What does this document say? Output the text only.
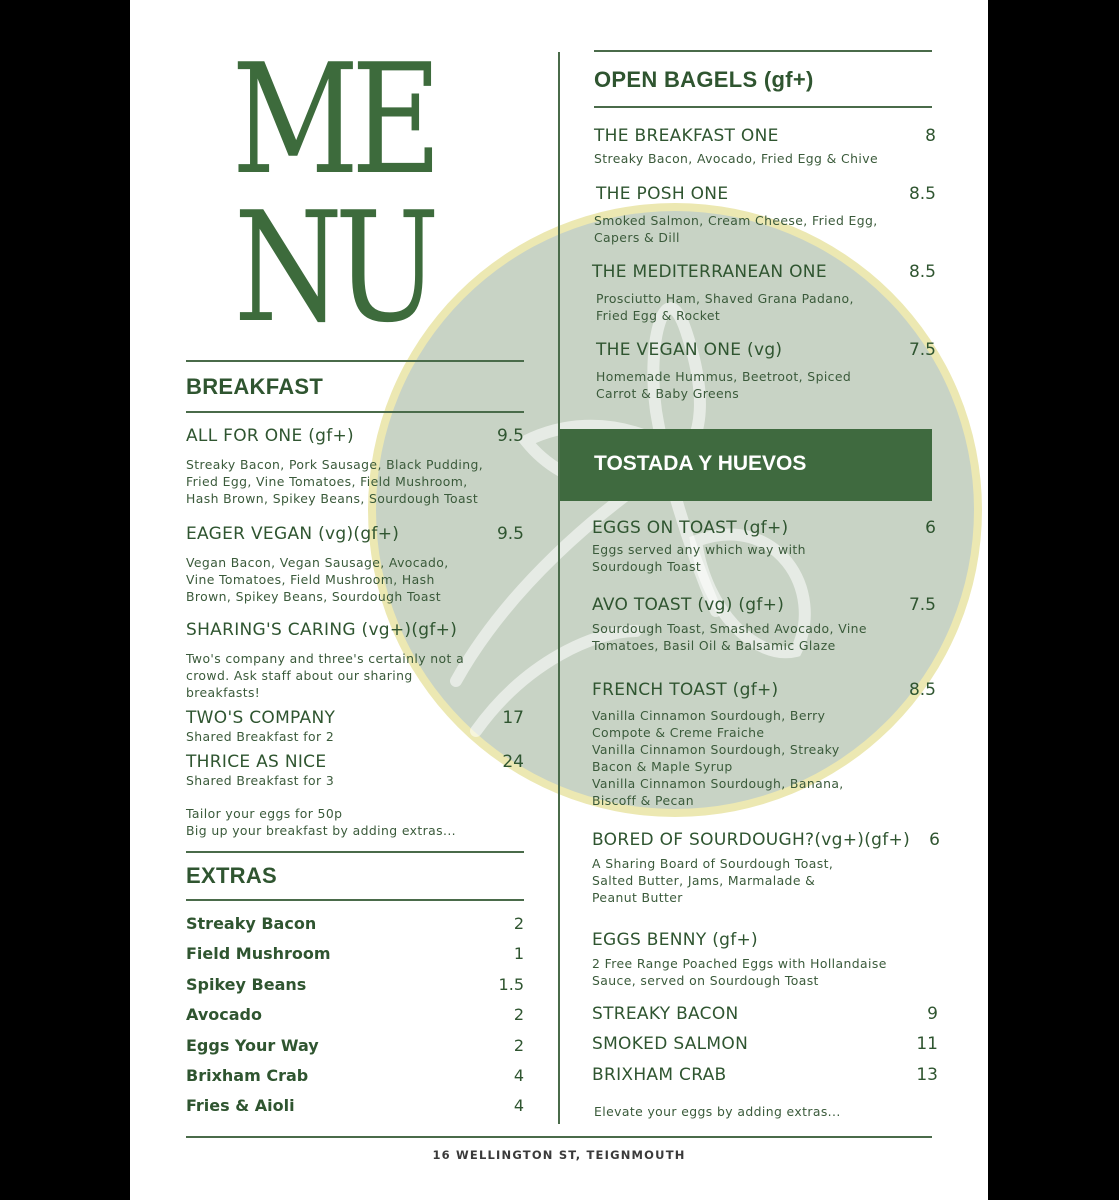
ME
NU
BREAKFAST
ALL FOR ONE (gf+)	9.5
Streaky Bacon, Pork Sausage, Black Pudding,
Fried Egg, Vine Tomatoes, Field Mushroom,
Hash Brown, Spikey Beans, Sourdough Toast
EAGER VEGAN (vg)(gf+)	9.5
Vegan Bacon, Vegan Sausage, Avocado,
Vine Tomatoes, Field Mushroom, Hash
Brown, Spikey Beans, Sourdough Toast
SHARING'S CARING (vg+)(gf+)
Two's company and three's certainly not a
crowd. Ask staff about our sharing
breakfasts!
TWO'S COMPANY	17
Shared Breakfast for 2
THRICE AS NICE	24
Shared Breakfast for 3
Tailor your eggs for 50p
Big up your breakfast by adding extras...
EXTRAS
Streaky Bacon	2
Field Mushroom	1
Spikey Beans	1.5
Avocado	2
Eggs Your Way	2
Brixham Crab	4
Fries & Aioli	4
OPEN BAGELS (gf+)
THE BREAKFAST ONE	8
Streaky Bacon, Avocado, Fried Egg & Chive
THE POSH ONE	8.5
Smoked Salmon, Cream Cheese, Fried Egg,
Capers & Dill
THE MEDITERRANEAN ONE	8.5
Prosciutto Ham, Shaved Grana Padano,
Fried Egg & Rocket
THE VEGAN ONE (vg)	7.5
Homemade Hummus, Beetroot, Spiced
Carrot & Baby Greens
TOSTADA Y HUEVOS
EGGS ON TOAST (gf+)	6
Eggs served any which way with
Sourdough Toast
AVO TOAST (vg) (gf+)	7.5
Sourdough Toast, Smashed Avocado, Vine
Tomatoes, Basil Oil & Balsamic Glaze
FRENCH TOAST (gf+)	8.5
Vanilla Cinnamon Sourdough, Berry
Compote & Creme Fraiche
Vanilla Cinnamon Sourdough, Streaky
Bacon & Maple Syrup
Vanilla Cinnamon Sourdough, Banana,
Biscoff & Pecan
BORED OF SOURDOUGH?(vg+)(gf+)	6
A Sharing Board of Sourdough Toast,
Salted Butter, Jams, Marmalade &
Peanut Butter
EGGS BENNY (gf+)
2 Free Range Poached Eggs with Hollandaise
Sauce, served on Sourdough Toast
STREAKY BACON	9
SMOKED SALMON	11
BRIXHAM CRAB	13
Elevate your eggs by adding extras...
16 WELLINGTON ST, TEIGNMOUTH
